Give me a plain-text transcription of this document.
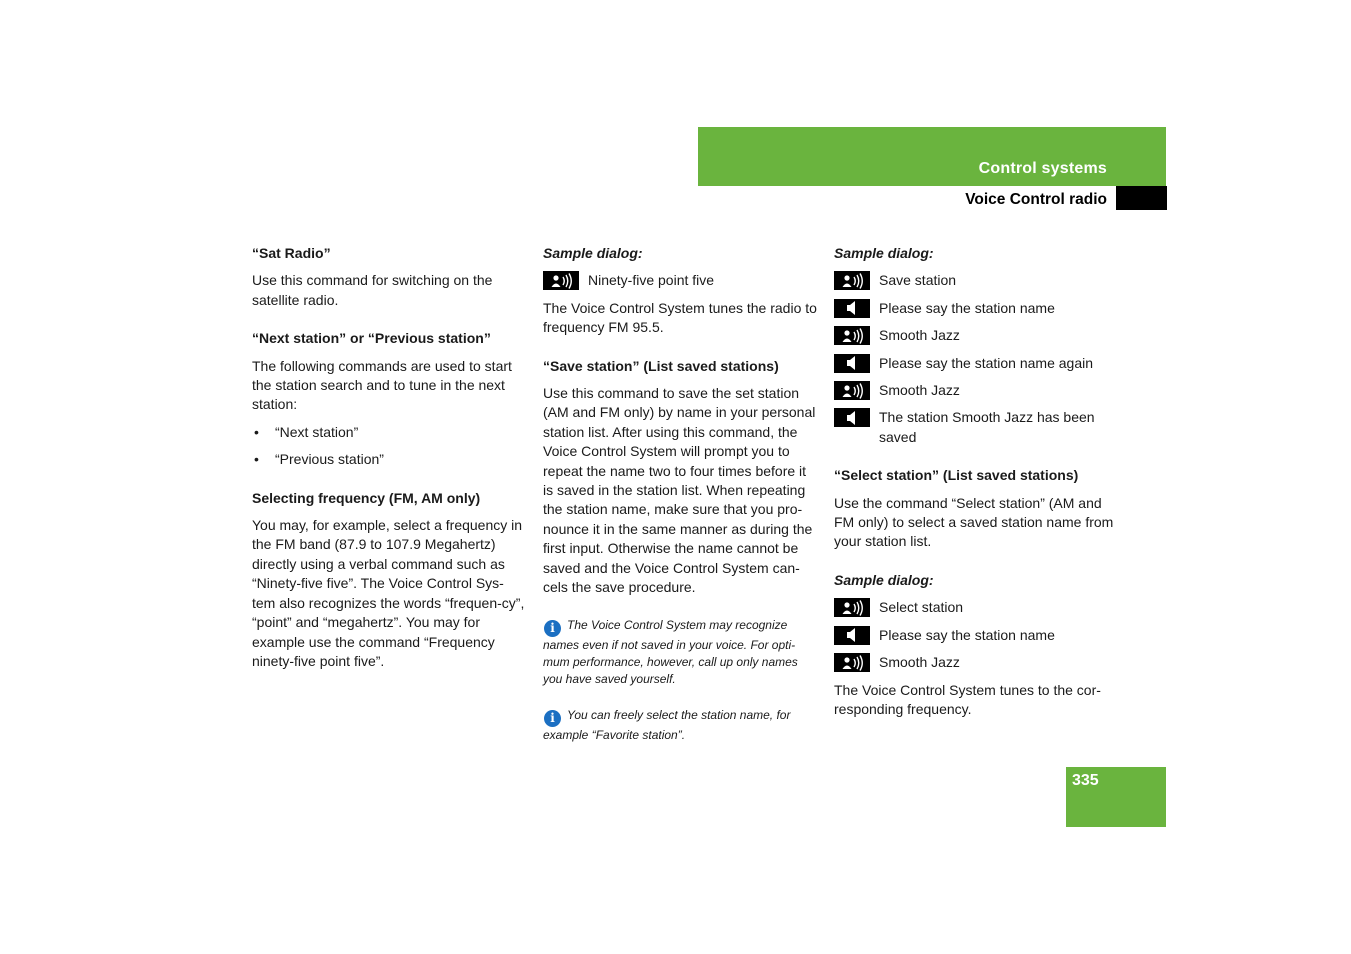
Control systems
Voice Control radio
“Sat Radio”

Use this command for switching on the satellite radio.

“Next station” or “Previous station”

The following commands are used to start the station search and to tune in the next station:

• “Next station”
• “Previous station”
Selecting frequency (FM, AM only)

You may, for example, select a frequency in the FM band (87.9 to 107.9 Megahertz) directly using a verbal command such as “Ninety-five five”. The Voice Control Sys-tem also recognizes the words “frequen-cy”, “point” and “megahertz”. You may for example use the command “Frequency ninety-five point five”.

Sample dialog:
Ninety-five point five

The Voice Control System tunes the radio to frequency FM 95.5.

“Save station” (List saved stations)

Use this command to save the set station (AM and FM only) by name in your personal station list. After using this command, the Voice Control System will prompt you to repeat the name two to four times before it is saved in the station list. When repeating the station name, make sure that you pro-nounce it in the same manner as during the first input. Otherwise the name cannot be saved and the Voice Control System can-cels the save procedure.

i The Voice Control System may recognize names even if not saved in your voice. For opti-mum performance, however, call up only names you have saved yourself.
i You can freely select the station name, for example “Favorite station”.
Sample dialog:
Save station
Please say the station name
Smooth Jazz
Please say the station name again
Smooth Jazz
The station Smooth Jazz has been saved
“Select station” (List saved stations)

Use the command “Select station” (AM and FM only) to select a saved station name from your station list.

Sample dialog:
Select station
Please say the station name
Smooth Jazz

The Voice Control System tunes to the cor-responding frequency.

335
